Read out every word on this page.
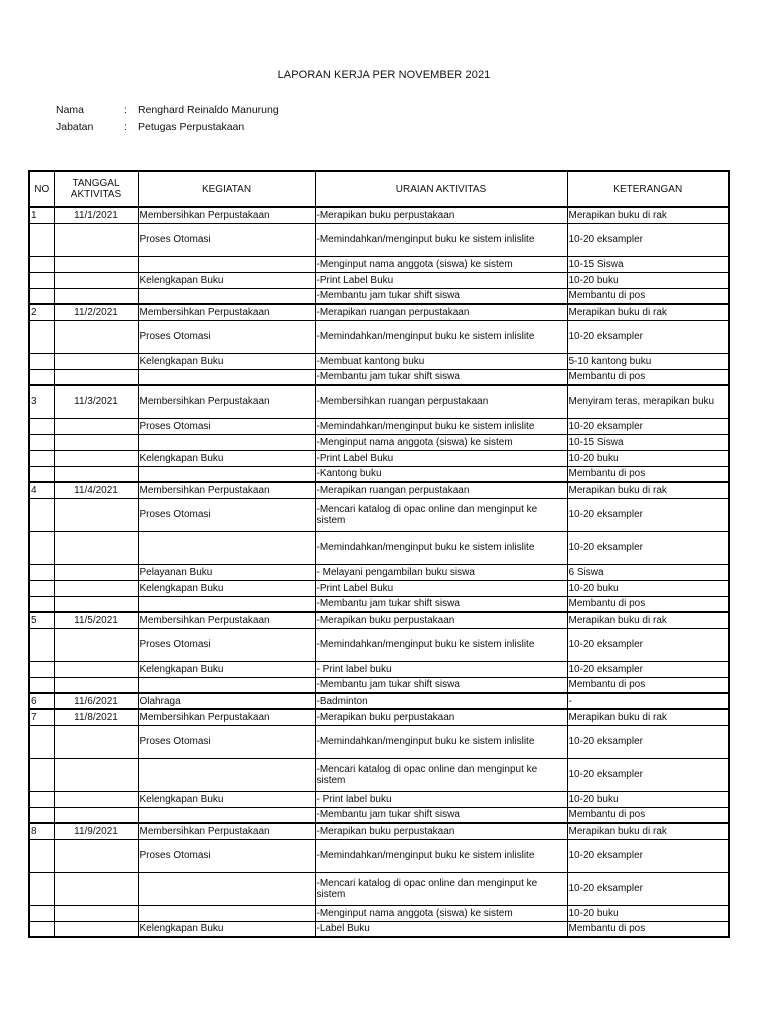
LAPORAN KERJA PER NOVEMBER 2021
Nama	: Renghard Reinaldo Manurung
Jabatan	: Petugas Perpustakaan
NO	TANGGAL AKTIVITAS	KEGIATAN	URAIAN AKTIVITAS	KETERANGAN
1	11/1/2021	Membersihkan Perpustakaan	-Merapikan buku perpustakaan	Merapikan buku di rak
		Proses Otomasi	-Memindahkan/menginput buku ke sistem inlislite	10-20 eksampler
			-Menginput nama anggota (siswa) ke sistem	10-15 Siswa
		Kelengkapan Buku	-Print Label Buku	10-20 buku
			-Membantu jam tukar shift siswa	Membantu di pos
2	11/2/2021	Membersihkan Perpustakaan	-Merapikan ruangan perpustakaan	Merapikan buku di rak
		Proses Otomasi	-Memindahkan/menginput buku ke sistem inlislite	10-20 eksampler
		Kelengkapan Buku	-Membuat kantong buku	5-10 kantong buku
			-Membantu jam tukar shift siswa	Membantu di pos
3	11/3/2021	Membersihkan Perpustakaan	-Membersihkan ruangan perpustakaan	Menyiram teras, merapikan buku
		Proses Otomasi	-Memindahkan/menginput buku ke sistem inlislite	10-20 eksampler
			-Menginput nama anggota (siswa) ke sistem	10-15 Siswa
		Kelengkapan Buku	-Print Label Buku	10-20 buku
			-Kantong buku	Membantu di pos
4	11/4/2021	Membersihkan Perpustakaan	-Merapikan ruangan perpustakaan	Merapikan buku di rak
		Proses Otomasi	-Mencari katalog di opac online dan menginput ke sistem	10-20 eksampler
			-Memindahkan/menginput buku ke sistem inlislite	10-20 eksampler
		Pelayanan Buku	- Melayani pengambilan buku siswa	6 Siswa
		Kelengkapan Buku	-Print Label Buku	10-20 buku
			-Membantu jam tukar shift siswa	Membantu di pos
5	11/5/2021	Membersihkan Perpustakaan	-Merapikan buku perpustakaan	Merapikan buku di rak
		Proses Otomasi	-Memindahkan/menginput buku ke sistem inlislite	10-20 eksampler
		Kelengkapan Buku	- Print label buku	10-20 eksampler
			-Membantu jam tukar shift siswa	Membantu di pos
6	11/6/2021	Olahraga	-Badminton	-
7	11/8/2021	Membersihkan Perpustakaan	-Merapikan buku perpustakaan	Merapikan buku di rak
		Proses Otomasi	-Memindahkan/menginput buku ke sistem inlislite	10-20 eksampler
			-Mencari katalog di opac online dan menginput ke sistem	10-20 eksampler
		Kelengkapan Buku	- Print label buku	10-20 buku
			-Membantu jam tukar shift siswa	Membantu di pos
8	11/9/2021	Membersihkan Perpustakaan	-Merapikan buku perpustakaan	Merapikan buku di rak
		Proses Otomasi	-Memindahkan/menginput buku ke sistem inlislite	10-20 eksampler
			-Mencari katalog di opac online dan menginput ke sistem	10-20 eksampler
			-Menginput nama anggota (siswa) ke sistem	10-20 buku
		Kelengkapan Buku	-Label Buku	Membantu di pos
